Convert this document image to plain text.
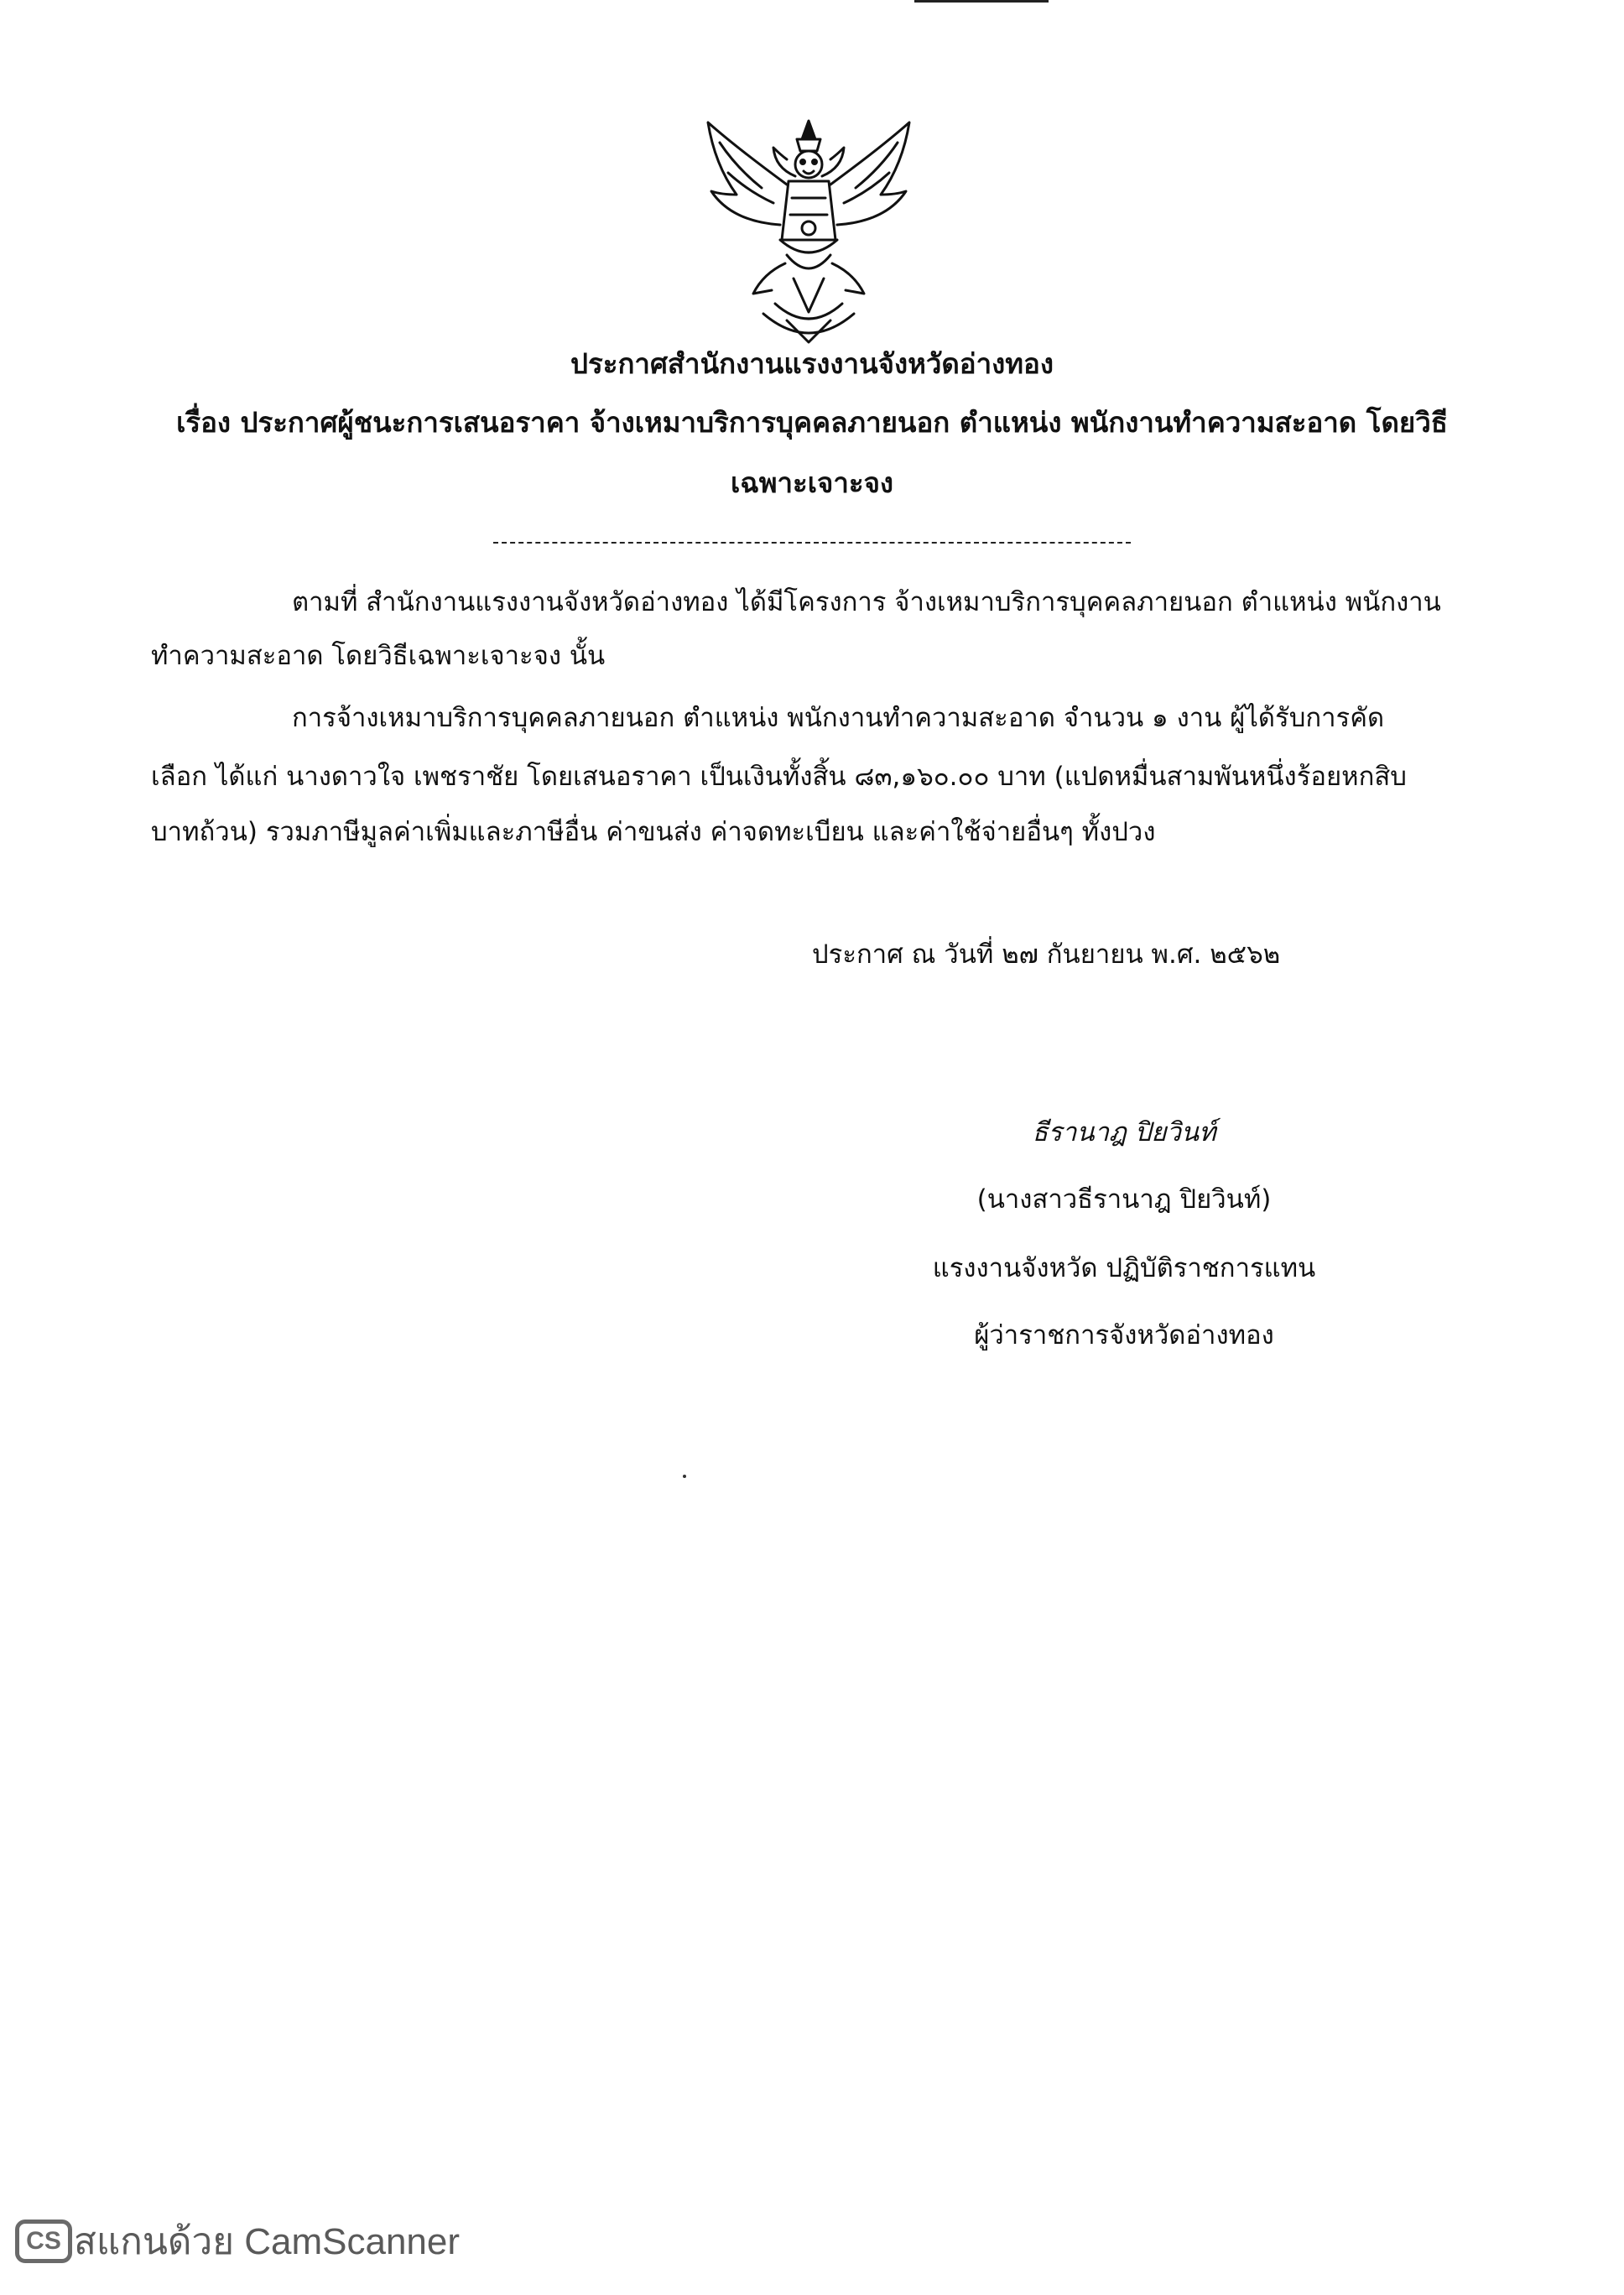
ประกาศสำนักงานแรงงานจังหวัดอ่างทอง
เรื่อง ประกาศผู้ชนะการเสนอราคา จ้างเหมาบริการบุคคลภายนอก ตำแหน่ง พนักงานทำความสะอาด โดยวิธี
เฉพาะเจาะจง
ตามที่ สำนักงานแรงงานจังหวัดอ่างทอง ได้มีโครงการ จ้างเหมาบริการบุคคลภายนอก ตำแหน่ง พนักงาน
ทำความสะอาด โดยวิธีเฉพาะเจาะจง นั้น
การจ้างเหมาบริการบุคคลภายนอก ตำแหน่ง พนักงานทำความสะอาด จำนวน ๑ งาน ผู้ได้รับการคัด
เลือก ได้แก่ นางดาวใจ เพชราชัย โดยเสนอราคา เป็นเงินทั้งสิ้น ๘๓,๑๖๐.๐๐ บาท (แปดหมื่นสามพันหนึ่งร้อยหกสิบ
บาทถ้วน) รวมภาษีมูลค่าเพิ่มและภาษีอื่น ค่าขนส่ง ค่าจดทะเบียน และค่าใช้จ่ายอื่นๆ ทั้งปวง
ประกาศ ณ วันที่ ๒๗ กันยายน พ.ศ. ๒๕๖๒
ธีรานาฎ ปิยวินท์
(นางสาวธีรานาฎ ปิยวินท์)
แรงงานจังหวัด ปฏิบัติราชการแทน
ผู้ว่าราชการจังหวัดอ่างทอง
CS สแกนด้วย CamScanner
